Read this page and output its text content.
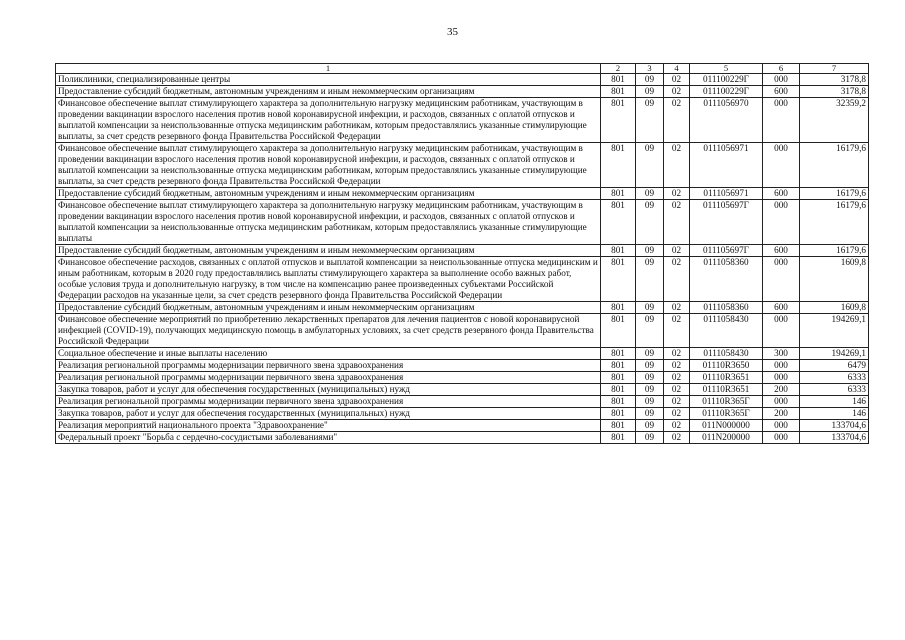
35
1	2	3	4	5	6	7
Поликлиники, специализированные центры	801	09	02	011100229Г	000	3178,8
Предоставление субсидий бюджетным, автономным учреждениям и иным некоммерческим организациям	801	09	02	011100229Г	600	3178,8
Финансовое обеспечение выплат стимулирующего характера за дополнительную нагрузку медицинским работникам, участвующим в проведении вакцинации взрослого населения против новой коронавирусной инфекции, и расходов, связанных с оплатой отпусков и выплатой компенсации за неиспользованные отпуска медицинским работникам, которым предоставлялись указанные стимулирующие выплаты, за счет средств резервного фонда Правительства Российской Федерации	801	09	02	0111056970	000	32359,2
Финансовое обеспечение выплат стимулирующего характера за дополнительную нагрузку медицинским работникам, участвующим в проведении вакцинации взрослого населения против новой коронавирусной инфекции, и расходов, связанных с оплатой отпусков и выплатой компенсации за неиспользованные отпуска медицинским работникам, которым предоставлялись указанные стимулирующие выплаты, за счет средств резервного фонда Правительства Российской Федерации	801	09	02	0111056971	000	16179,6
Предоставление субсидий бюджетным, автономным учреждениям и иным некоммерческим организациям	801	09	02	0111056971	600	16179,6
Финансовое обеспечение выплат стимулирующего характера за дополнительную нагрузку медицинским работникам, участвующим в проведении вакцинации взрослого населения против новой коронавирусной инфекции, и расходов, связанных с оплатой отпусков и выплатой компенсации за неиспользованные отпуска медицинским работникам, которым предоставлялись указанные стимулирующие выплаты	801	09	02	011105697Г	000	16179,6
Предоставление субсидий бюджетным, автономным учреждениям и иным некоммерческим организациям	801	09	02	011105697Г	600	16179,6
Финансовое обеспечение расходов, связанных с оплатой отпусков и выплатой компенсации за неиспользованные отпуска медицинским и иным работникам, которым в 2020 году предоставлялись выплаты стимулирующего характера за выполнение особо важных работ, особые условия труда и дополнительную нагрузку, в том числе на компенсацию ранее произведенных субъектами Российской Федерации расходов на указанные цели, за счет средств резервного фонда Правительства Российской Федерации	801	09	02	0111058360	000	1609,8
Предоставление субсидий бюджетным, автономным учреждениям и иным некоммерческим организациям	801	09	02	0111058360	600	1609,8
Финансовое обеспечение мероприятий по приобретению лекарственных препаратов для лечения пациентов с новой коронавирусной инфекцией (COVID-19), получающих медицинскую помощь в амбулаторных условиях, за счет средств резервного фонда Правительства Российской Федерации	801	09	02	0111058430	000	194269,1
Социальное обеспечение и иные выплаты населению	801	09	02	0111058430	300	194269,1
Реализация региональной программы модернизации первичного звена здравоохранения	801	09	02	01110R3650	000	6479
Реализация региональной программы модернизации первичного звена здравоохранения	801	09	02	01110R3651	000	6333
Закупка товаров, работ и услуг для обеспечения государственных (муниципальных) нужд	801	09	02	01110R3651	200	6333
Реализация региональной программы модернизации первичного звена здравоохранения	801	09	02	01110R365Г	000	146
Закупка товаров, работ и услуг для обеспечения государственных (муниципальных) нужд	801	09	02	01110R365Г	200	146
Реализация мероприятий национального проекта "Здравоохранение"	801	09	02	011N000000	000	133704,6
Федеральный проект "Борьба с сердечно-сосудистыми заболеваниями"	801	09	02	011N200000	000	133704,6
